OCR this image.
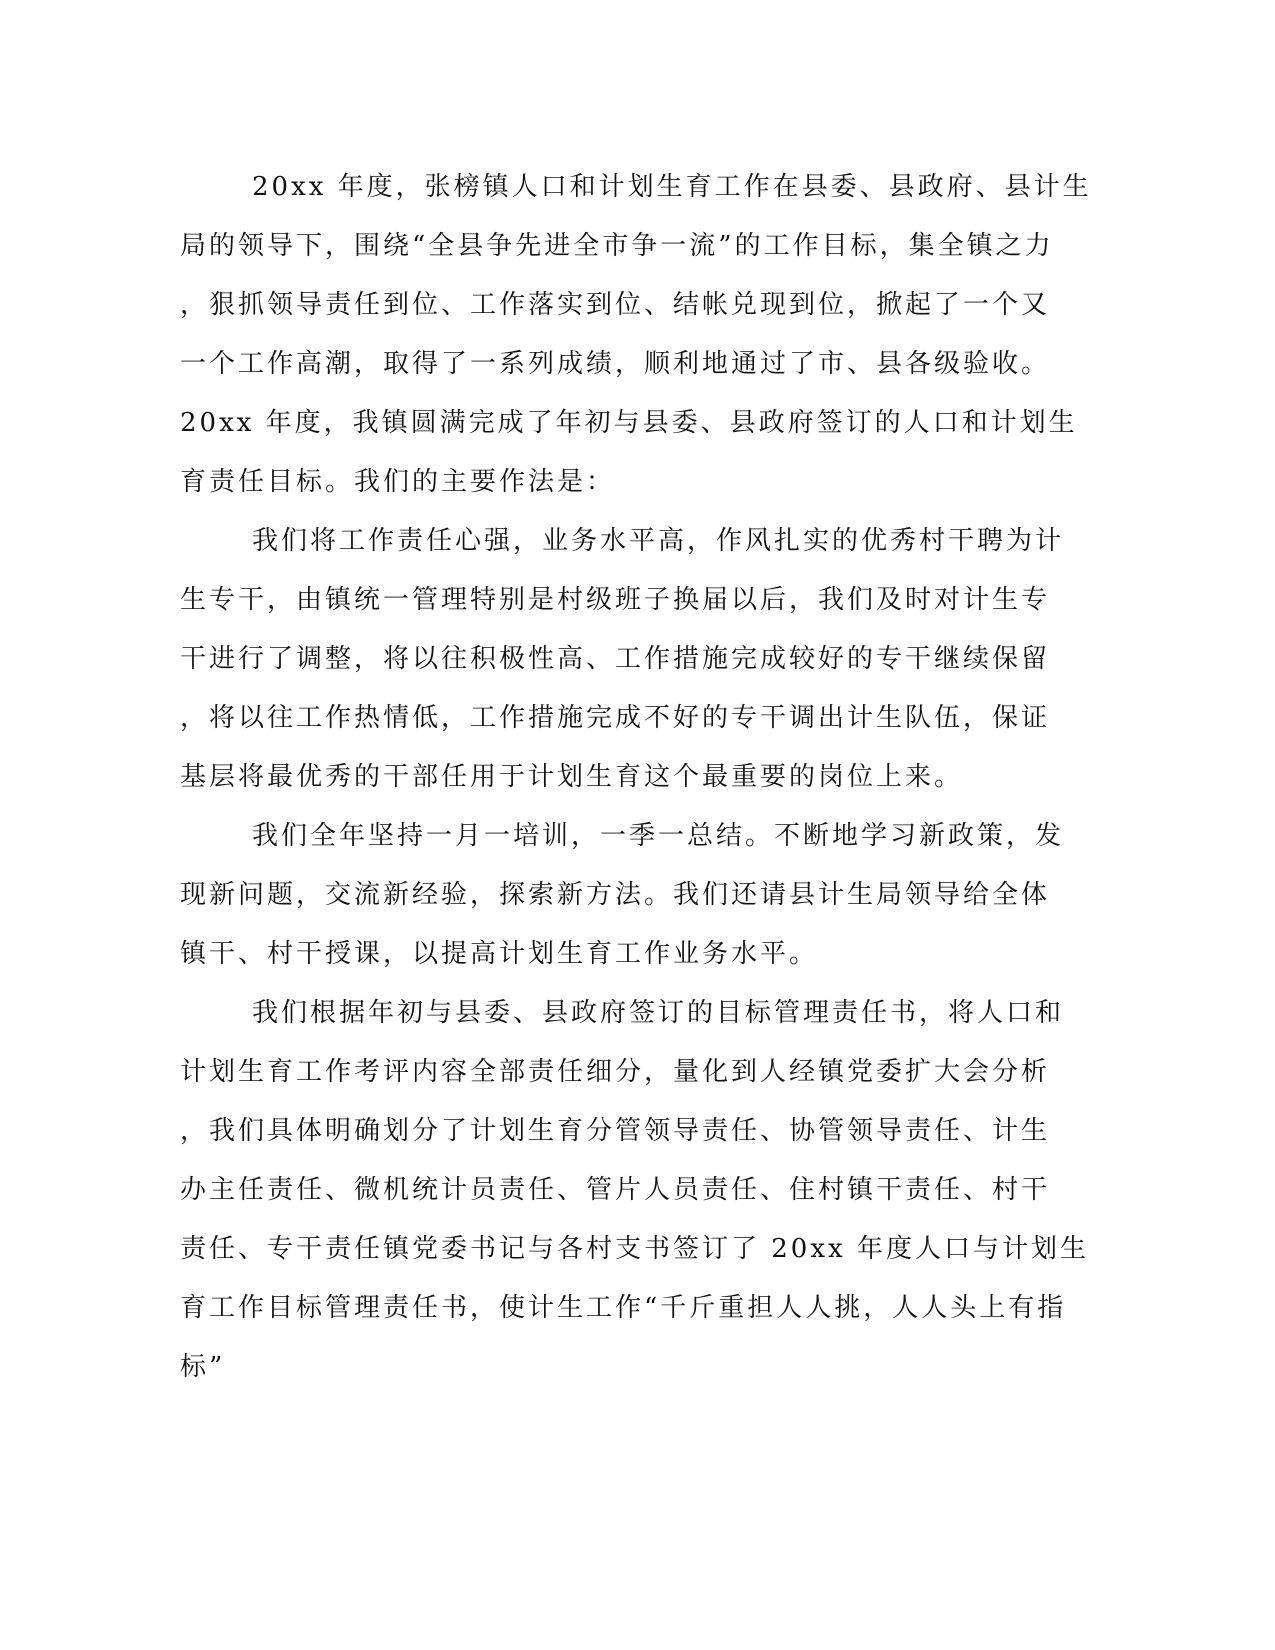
20xx 年度，张榜镇人口和计划生育工作在县委、县政府、县计生
局的领导下，围绕“全县争先进全市争一流”的工作目标，集全镇之力
，狠抓领导责任到位、工作落实到位、结帐兑现到位，掀起了一个又
一个工作高潮，取得了一系列成绩，顺利地通过了市、县各级验收。
20xx 年度，我镇圆满完成了年初与县委、县政府签订的人口和计划生
育责任目标。我们的主要作法是：
我们将工作责任心强，业务水平高，作风扎实的优秀村干聘为计
生专干，由镇统一管理特别是村级班子换届以后，我们及时对计生专
干进行了调整，将以往积极性高、工作措施完成较好的专干继续保留
，将以往工作热情低，工作措施完成不好的专干调出计生队伍，保证
基层将最优秀的干部任用于计划生育这个最重要的岗位上来。
我们全年坚持一月一培训，一季一总结。不断地学习新政策，发
现新问题，交流新经验，探索新方法。我们还请县计生局领导给全体
镇干、村干授课，以提高计划生育工作业务水平。
我们根据年初与县委、县政府签订的目标管理责任书，将人口和
计划生育工作考评内容全部责任细分，量化到人经镇党委扩大会分析
，我们具体明确划分了计划生育分管领导责任、协管领导责任、计生
办主任责任、微机统计员责任、管片人员责任、住村镇干责任、村干
责任、专干责任镇党委书记与各村支书签订了 20xx 年度人口与计划生
育工作目标管理责任书，使计生工作“千斤重担人人挑，人人头上有指
标”
